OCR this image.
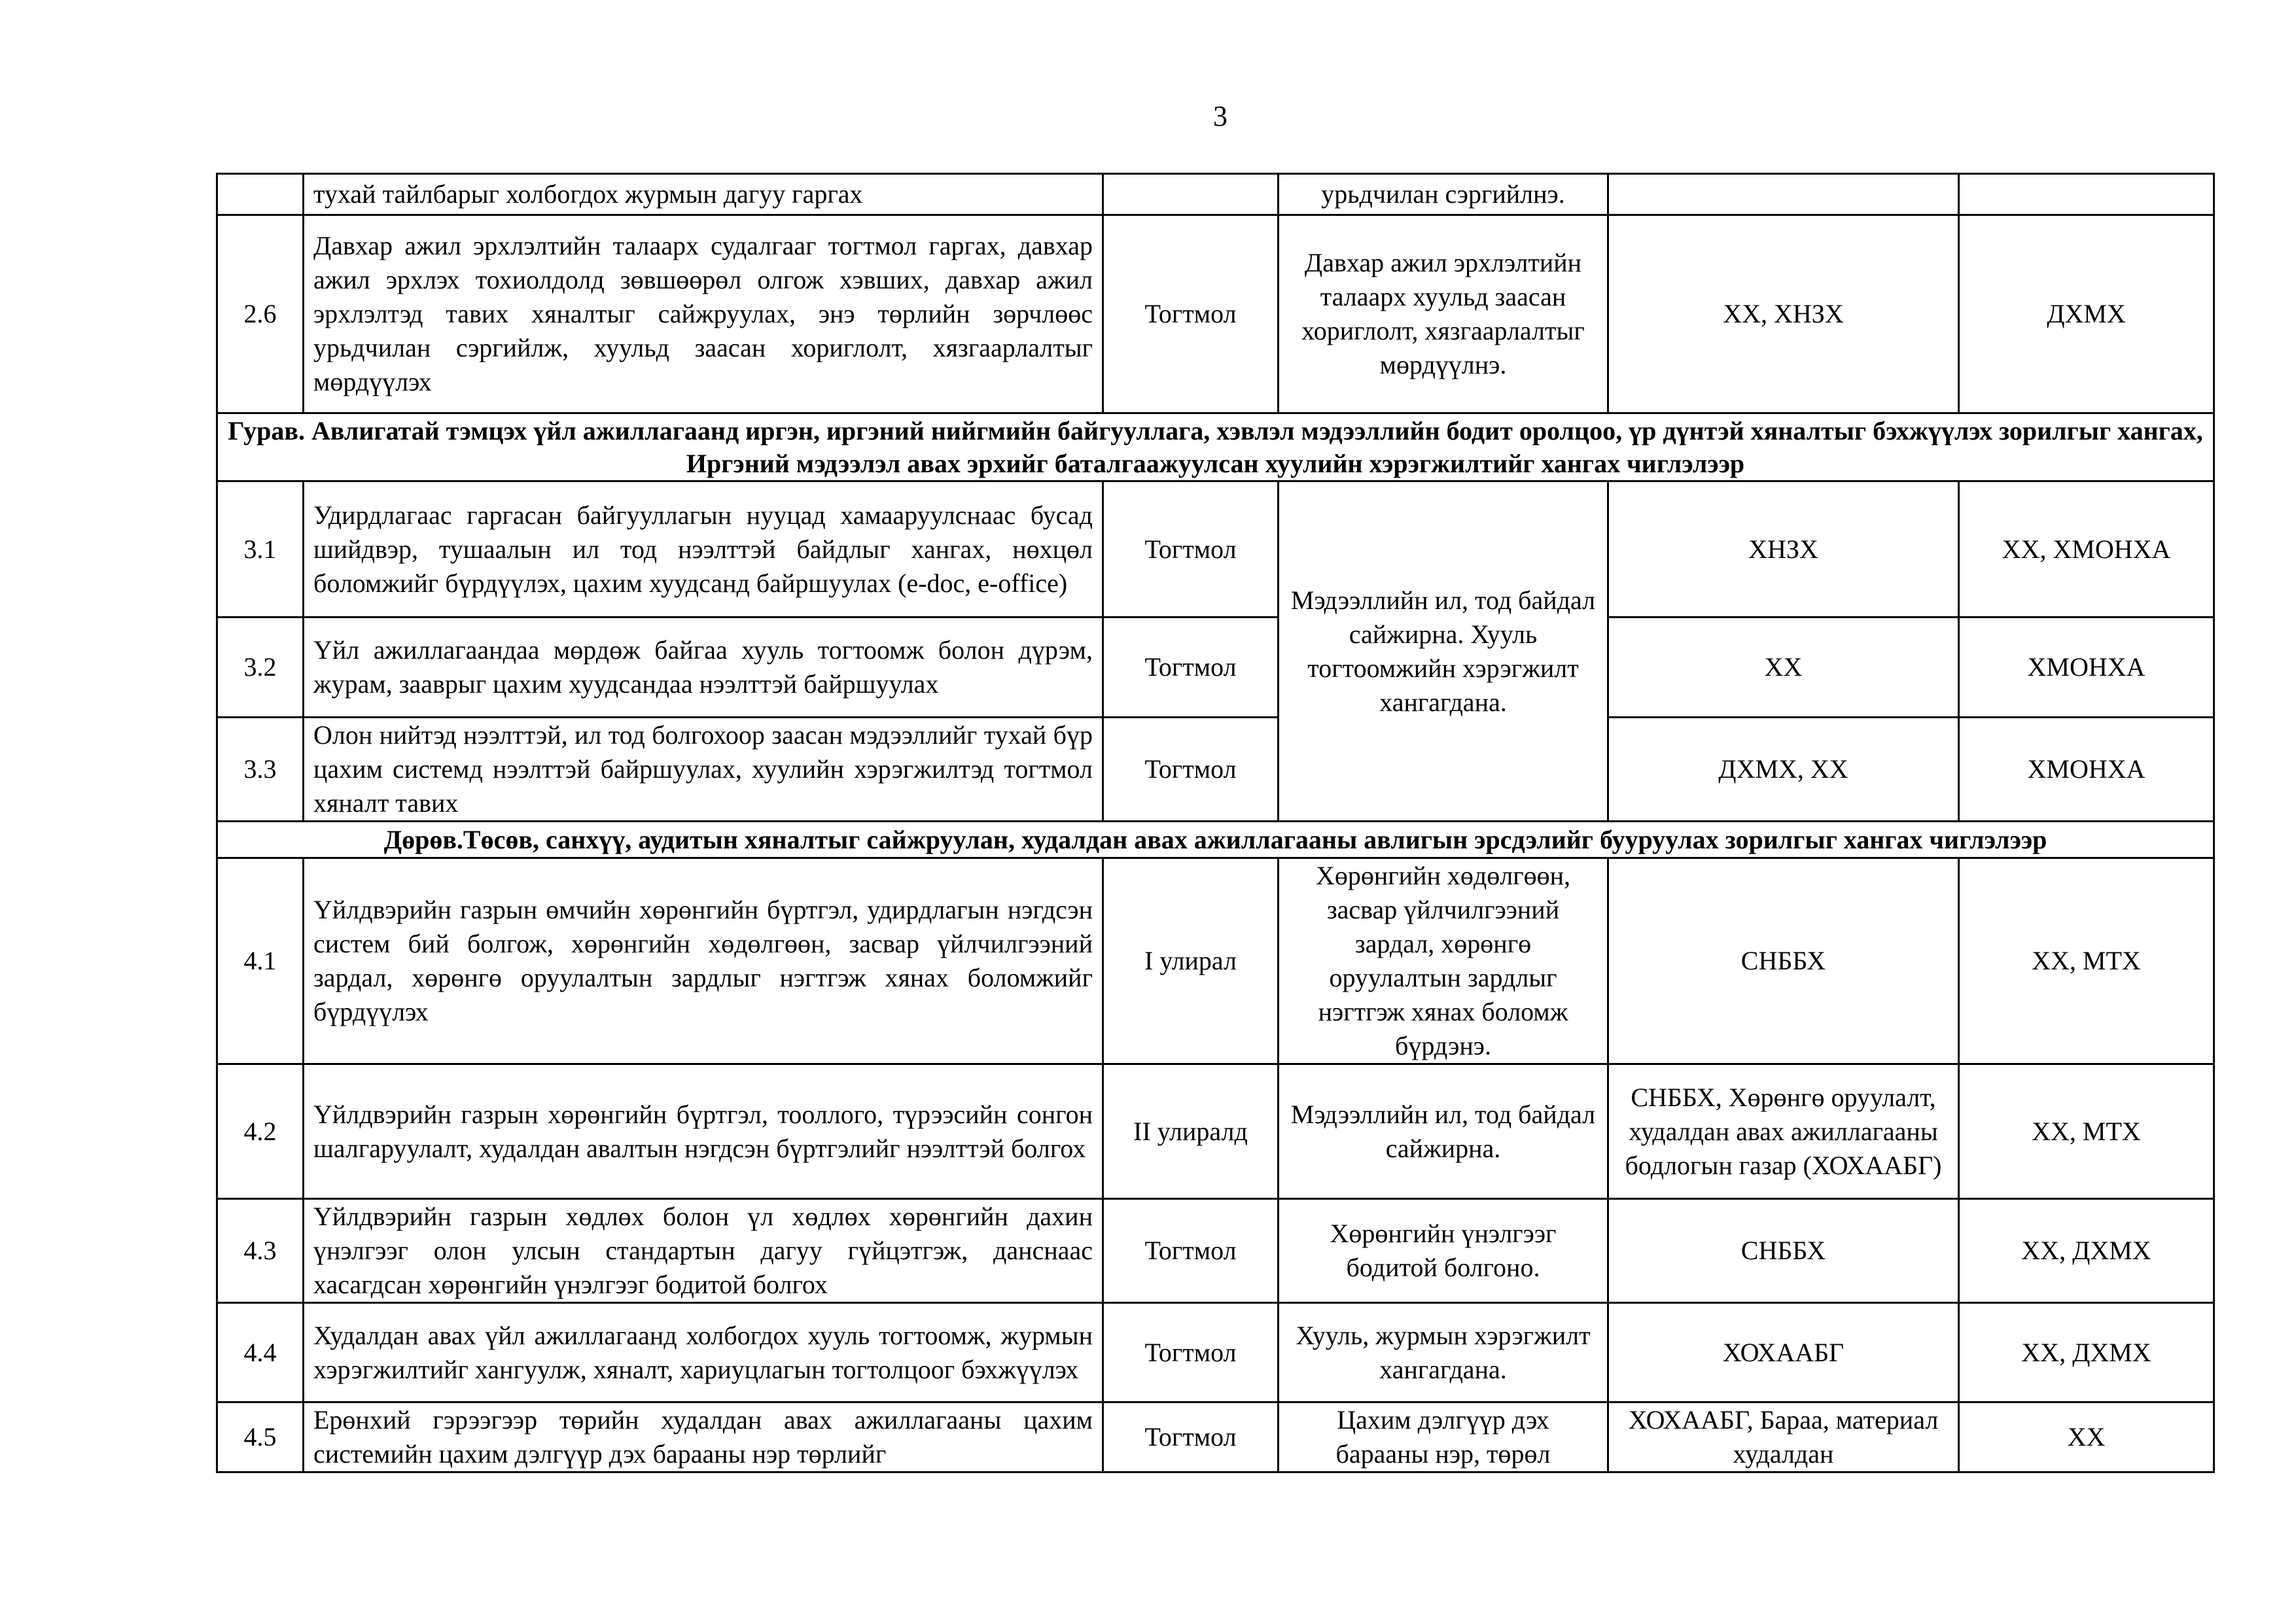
3
	тухай тайлбарыг холбогдох журмын дагуу гаргах		урьдчилан сэргийлнэ.		
2.6	Давхар ажил эрхлэлтийн талаарх судалгааг тогтмол гаргах, давхар ажил эрхлэх тохиолдолд зөвшөөрөл олгож хэвших, давхар ажил эрхлэлтэд тавих хяналтыг сайжруулах, энэ төрлийн зөрчлөөс урьдчилан сэргийлж, хуульд заасан хориглолт, хязгаарлалтыг мөрдүүлэх	Тогтмол	Давхар ажил эрхлэлтийн талаарх хуульд заасан хориглолт, хязгаарлалтыг мөрдүүлнэ.	ХХ, ХНЗХ	ДХМХ
Гурав. Авлигатай тэмцэх үйл ажиллагаанд иргэн, иргэний нийгмийн байгууллага, хэвлэл мэдээллийн бодит оролцоо, үр дүнтэй хяналтыг бэхжүүлэх зорилгыг хангах, Иргэний мэдээлэл авах эрхийг баталгаажуулсан хуулийн хэрэгжилтийг хангах чиглэлээр					
3.1	Удирдлагаас гаргасан байгууллагын нууцад хамааруулснаас бусад шийдвэр, тушаалын ил тод нээлттэй байдлыг хангах, нөхцөл боломжийг бүрдүүлэх, цахим хуудсанд байршуулах (e-doc, e-office)	Тогтмол	Мэдээллийн ил, тод байдал сайжирна. Хууль тогтоомжийн хэрэгжилт хангагдана.	ХНЗХ	ХХ, ХМОНХА
3.2	Үйл ажиллагаандаа мөрдөж байгаа хууль тогтоомж болон дүрэм, журам, зааврыг цахим хуудсандаа нээлттэй байршуулах	Тогтмол		ХХ	ХМОНХА
3.3	Олон нийтэд нээлттэй, ил тод болгохоор заасан мэдээллийг тухай бүр цахим системд нээлттэй байршуулах, хуулийн хэрэгжилтэд тогтмол хяналт тавих	Тогтмол		ДХМХ, ХХ	ХМОНХА
Дөрөв.Төсөв, санхүү, аудитын хяналтыг сайжруулан, худалдан авах ажиллагааны авлигын эрсдэлийг бууруулах зорилгыг хангах чиглэлээр					
4.1	Үйлдвэрийн газрын өмчийн хөрөнгийн бүртгэл, удирдлагын нэгдсэн систем бий болгож, хөрөнгийн хөдөлгөөн, засвар үйлчилгээний зардал, хөрөнгө оруулалтын зардлыг нэгтгэж хянах боломжийг бүрдүүлэх	I улирал	Хөрөнгийн хөдөлгөөн, засвар үйлчилгээний зардал, хөрөнгө оруулалтын зардлыг нэгтгэж хянах боломж бүрдэнэ.	СНББХ	ХХ, МТХ
4.2	Үйлдвэрийн газрын хөрөнгийн бүртгэл, тооллого, түрээсийн сонгон шалгаруулалт, худалдан авалтын нэгдсэн бүртгэлийг нээлттэй болгох	II улиралд	Мэдээллийн ил, тод байдал сайжирна.	СНББХ, Хөрөнгө оруулалт, худалдан авах ажиллагааны бодлогын газар (ХОХААБГ)	ХХ, МТХ
4.3	Үйлдвэрийн газрын хөдлөх болон үл хөдлөх хөрөнгийн дахин үнэлгээг олон улсын стандартын дагуу гүйцэтгэж, данснаас хасагдсан хөрөнгийн үнэлгээг бодитой болгох	Тогтмол	Хөрөнгийн үнэлгээг бодитой болгоно.	СНББХ	ХХ, ДХМХ
4.4	Худалдан авах үйл ажиллагаанд холбогдох хууль тогтоомж, журмын хэрэгжилтийг хангуулж, хяналт, хариуцлагын тогтолцоог бэхжүүлэх	Тогтмол	Хууль, журмын хэрэгжилт хангагдана.	ХОХААБГ	ХХ, ДХМХ
4.5	Ерөнхий гэрээгээр төрийн худалдан авах ажиллагааны цахим системийн цахим дэлгүүр дэх барааны нэр төрлийг	Тогтмол	Цахим дэлгүүр дэх барааны нэр, төрөл	ХОХААБГ, Бараа, материал худалдан	ХХ
